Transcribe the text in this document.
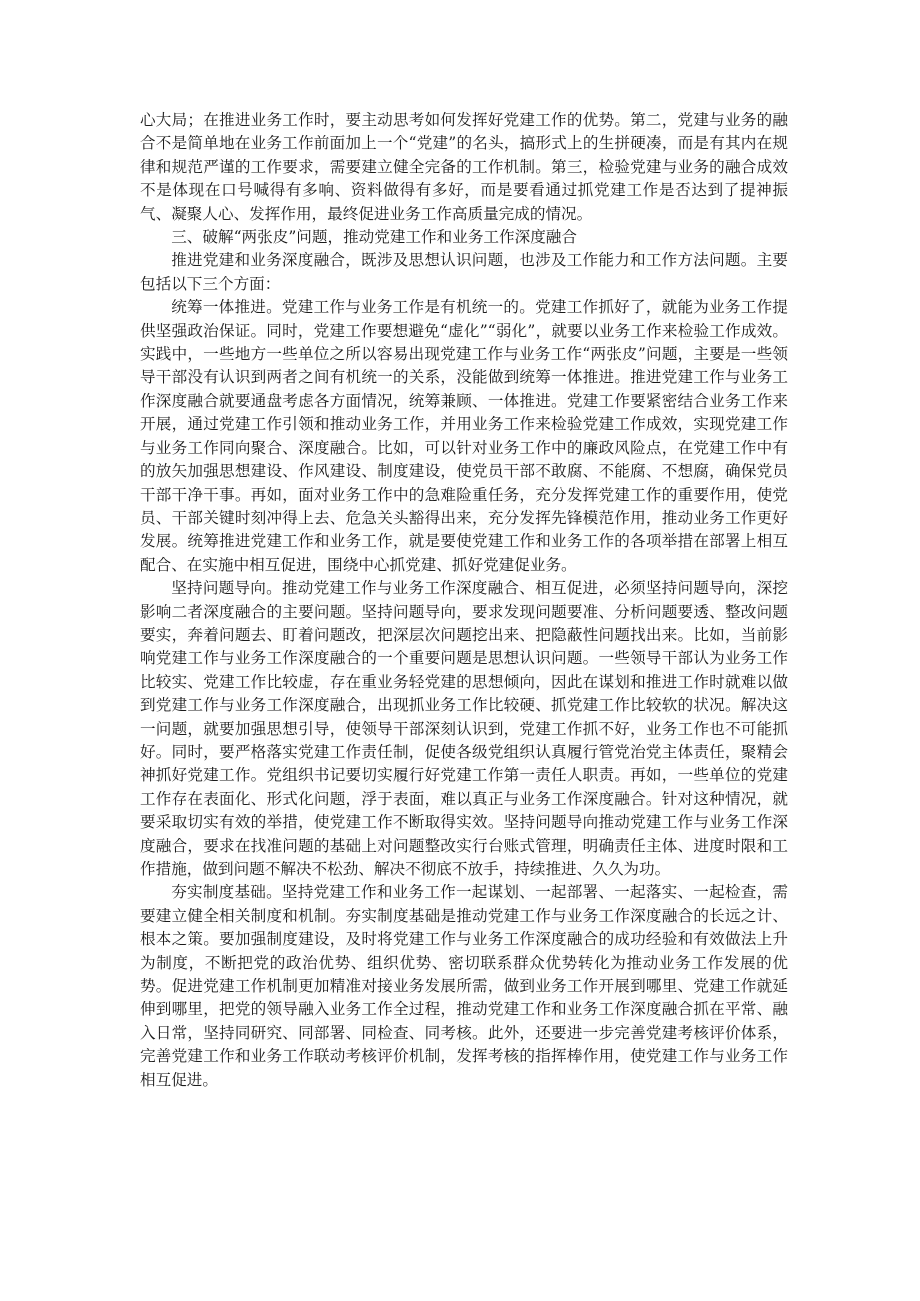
心大局；在推进业务工作时，要主动思考如何发挥好党建工作的优势。第二，党建与业务的融合不是简单地在业务工作前面加上一个“党建”的名头，搞形式上的生拼硬凑，而是有其内在规律和规范严谨的工作要求，需要建立健全完备的工作机制。第三，检验党建与业务的融合成效不是体现在口号喊得有多响、资料做得有多好，而是要看通过抓党建工作是否达到了提神振气、凝聚人心、发挥作用，最终促进业务工作高质量完成的情况。

三、破解“两张皮”问题，推动党建工作和业务工作深度融合

推进党建和业务深度融合，既涉及思想认识问题，也涉及工作能力和工作方法问题。主要包括以下三个方面：

统筹一体推进。党建工作与业务工作是有机统一的。党建工作抓好了，就能为业务工作提供坚强政治保证。同时，党建工作要想避免“虚化”“弱化”，就要以业务工作来检验工作成效。实践中，一些地方一些单位之所以容易出现党建工作与业务工作“两张皮”问题，主要是一些领导干部没有认识到两者之间有机统一的关系，没能做到统筹一体推进。推进党建工作与业务工作深度融合就要通盘考虑各方面情况，统筹兼顾、一体推进。党建工作要紧密结合业务工作来开展，通过党建工作引领和推动业务工作，并用业务工作来检验党建工作成效，实现党建工作与业务工作同向聚合、深度融合。比如，可以针对业务工作中的廉政风险点，在党建工作中有的放矢加强思想建设、作风建设、制度建设，使党员干部不敢腐、不能腐、不想腐，确保党员干部干净干事。再如，面对业务工作中的急难险重任务，充分发挥党建工作的重要作用，使党员、干部关键时刻冲得上去、危急关头豁得出来，充分发挥先锋模范作用，推动业务工作更好发展。统筹推进党建工作和业务工作，就是要使党建工作和业务工作的各项举措在部署上相互配合、在实施中相互促进，围绕中心抓党建、抓好党建促业务。

坚持问题导向。推动党建工作与业务工作深度融合、相互促进，必须坚持问题导向，深挖影响二者深度融合的主要问题。坚持问题导向，要求发现问题要准、分析问题要透、整改问题要实，奔着问题去、盯着问题改，把深层次问题挖出来、把隐蔽性问题找出来。比如，当前影响党建工作与业务工作深度融合的一个重要问题是思想认识问题。一些领导干部认为业务工作比较实、党建工作比较虚，存在重业务轻党建的思想倾向，因此在谋划和推进工作时就难以做到党建工作与业务工作深度融合，出现抓业务工作比较硬、抓党建工作比较软的状况。解决这一问题，就要加强思想引导，使领导干部深刻认识到，党建工作抓不好，业务工作也不可能抓好。同时，要严格落实党建工作责任制，促使各级党组织认真履行管党治党主体责任，聚精会神抓好党建工作。党组织书记要切实履行好党建工作第一责任人职责。再如，一些单位的党建工作存在表面化、形式化问题，浮于表面，难以真正与业务工作深度融合。针对这种情况，就要采取切实有效的举措，使党建工作不断取得实效。坚持问题导向推动党建工作与业务工作深度融合，要求在找准问题的基础上对问题整改实行台账式管理，明确责任主体、进度时限和工作措施，做到问题不解决不松劲、解决不彻底不放手，持续推进、久久为功。

夯实制度基础。坚持党建工作和业务工作一起谋划、一起部署、一起落实、一起检查，需要建立健全相关制度和机制。夯实制度基础是推动党建工作与业务工作深度融合的长远之计、根本之策。要加强制度建设，及时将党建工作与业务工作深度融合的成功经验和有效做法上升为制度，不断把党的政治优势、组织优势、密切联系群众优势转化为推动业务工作发展的优势。促进党建工作机制更加精准对接业务发展所需，做到业务工作开展到哪里、党建工作就延伸到哪里，把党的领导融入业务工作全过程，推动党建工作和业务工作深度融合抓在平常、融入日常，坚持同研究、同部署、同检查、同考核。此外，还要进一步完善党建考核评价体系，完善党建工作和业务工作联动考核评价机制，发挥考核的指挥棒作用，使党建工作与业务工作相互促进。
